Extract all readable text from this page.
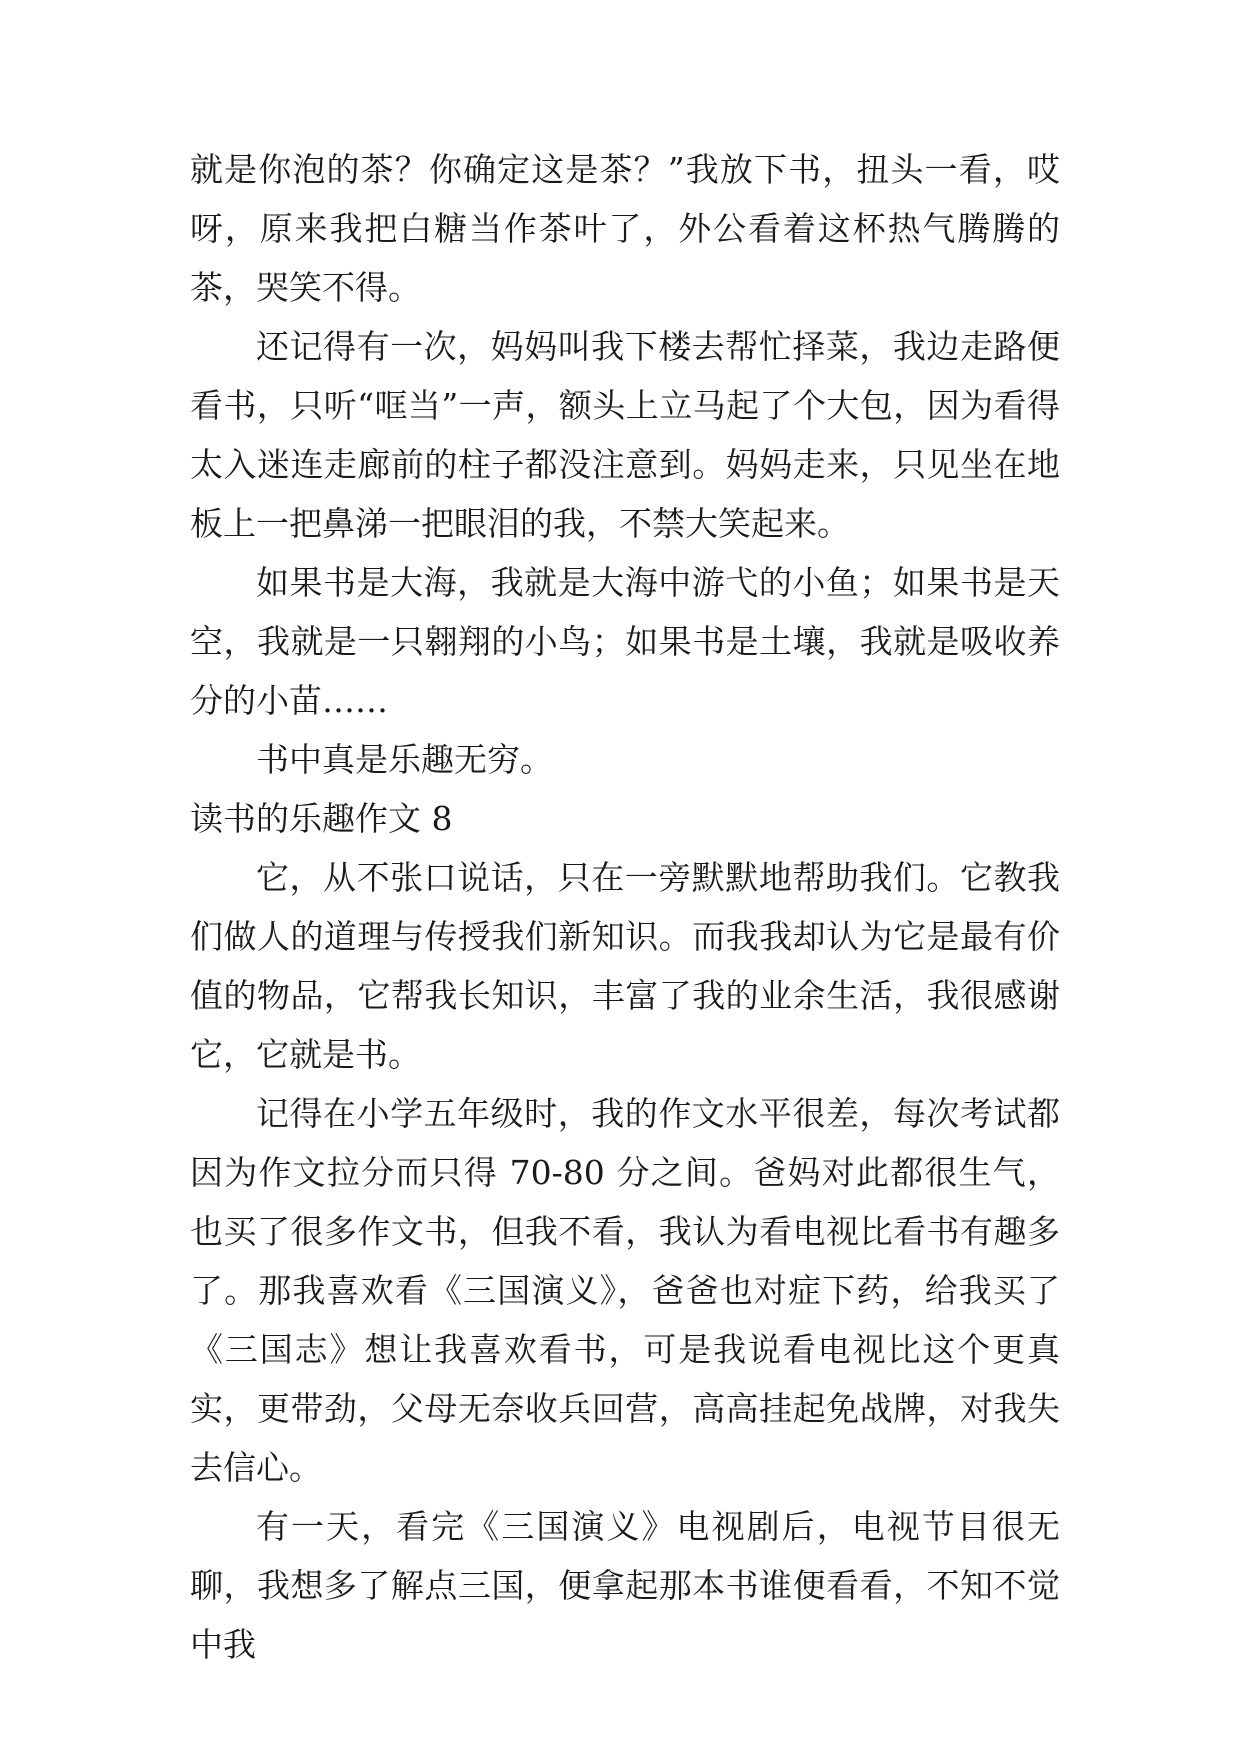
就是你泡的茶？你确定这是茶？”我放下书，扭头一看，哎呀，原来我把白糖当作茶叶了，外公看着这杯热气腾腾的茶，哭笑不得。

还记得有一次，妈妈叫我下楼去帮忙择菜，我边走路便看书，只听“哐当”一声，额头上立马起了个大包，因为看得太入迷连走廊前的柱子都没注意到。妈妈走来，只见坐在地板上一把鼻涕一把眼泪的我，不禁大笑起来。

如果书是大海，我就是大海中游弋的小鱼；如果书是天空，我就是一只翱翔的小鸟；如果书是土壤，我就是吸收养分的小苗……

书中真是乐趣无穷。

读书的乐趣作文 8

它，从不张口说话，只在一旁默默地帮助我们。它教我们做人的道理与传授我们新知识。而我我却认为它是最有价值的物品，它帮我长知识，丰富了我的业余生活，我很感谢它，它就是书。

记得在小学五年级时，我的作文水平很差，每次考试都因为作文拉分而只得 70-80 分之间。爸妈对此都很生气，也买了很多作文书，但我不看，我认为看电视比看书有趣多了。那我喜欢看《三国演义》，爸爸也对症下药，给我买了《三国志》想让我喜欢看书，可是我说看电视比这个更真实，更带劲，父母无奈收兵回营，高高挂起免战牌，对我失去信心。

有一天，看完《三国演义》电视剧后，电视节目很无聊，我想多了解点三国，便拿起那本书谁便看看，不知不觉中我
